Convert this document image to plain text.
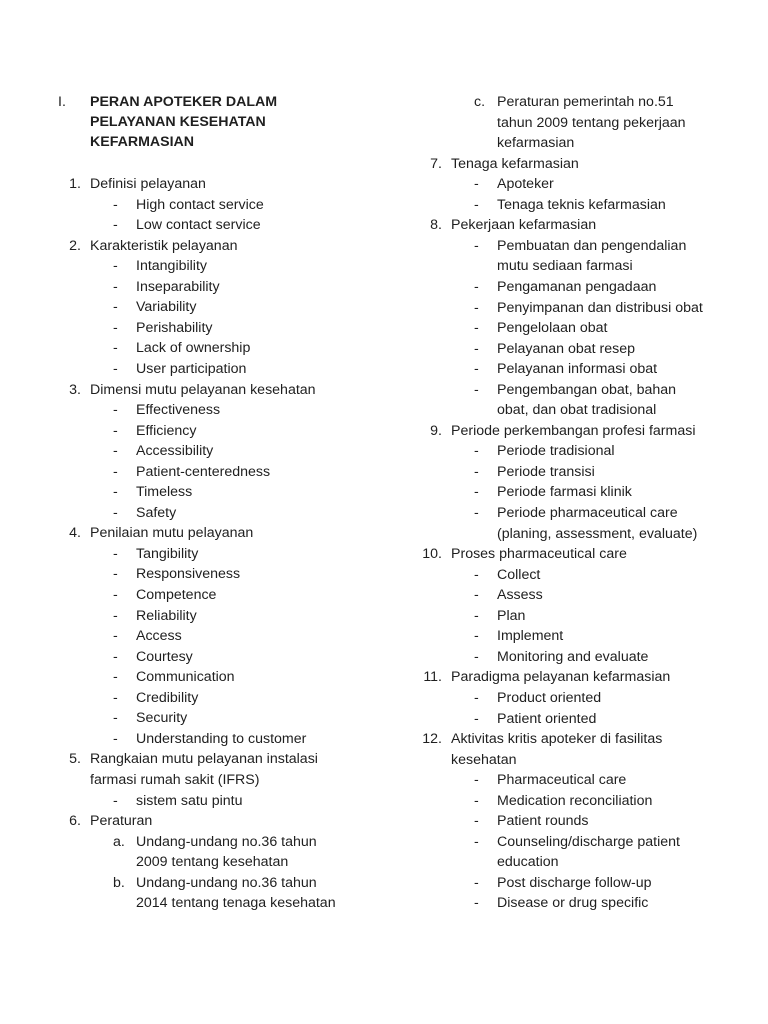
I. PERAN APOTEKER DALAM
PELAYANAN KESEHATAN
KEFARMASIAN
1. Definisi pelayanan
- High contact service
- Low contact service
2. Karakteristik pelayanan
- Intangibility
- Inseparability
- Variability
- Perishability
- Lack of ownership
- User participation
3. Dimensi mutu pelayanan kesehatan
- Effectiveness
- Efficiency
- Accessibility
- Patient-centeredness
- Timeless
- Safety
4. Penilaian mutu pelayanan
- Tangibility
- Responsiveness
- Competence
- Reliability
- Access
- Courtesy
- Communication
- Credibility
- Security
- Understanding to customer
5. Rangkaian mutu pelayanan instalasi
farmasi rumah sakit (IFRS)
- sistem satu pintu
6. Peraturan
a. Undang-undang no.36 tahun
2009 tentang kesehatan
b. Undang-undang no.36 tahun
2014 tentang tenaga kesehatan
c. Peraturan pemerintah no.51
tahun 2009 tentang pekerjaan
kefarmasian
7. Tenaga kefarmasian
- Apoteker
- Tenaga teknis kefarmasian
8. Pekerjaan kefarmasian
- Pembuatan dan pengendalian
mutu sediaan farmasi
- Pengamanan pengadaan
- Penyimpanan dan distribusi obat
- Pengelolaan obat
- Pelayanan obat resep
- Pelayanan informasi obat
- Pengembangan obat, bahan
obat, dan obat tradisional
9. Periode perkembangan profesi farmasi
- Periode tradisional
- Periode transisi
- Periode farmasi klinik
- Periode pharmaceutical care
(planing, assessment, evaluate)
10. Proses pharmaceutical care
- Collect
- Assess
- Plan
- Implement
- Monitoring and evaluate
11. Paradigma pelayanan kefarmasian
- Product oriented
- Patient oriented
12. Aktivitas kritis apoteker di fasilitas
kesehatan
- Pharmaceutical care
- Medication reconciliation
- Patient rounds
- Counseling/discharge patient
education
- Post discharge follow-up
- Disease or drug specific
